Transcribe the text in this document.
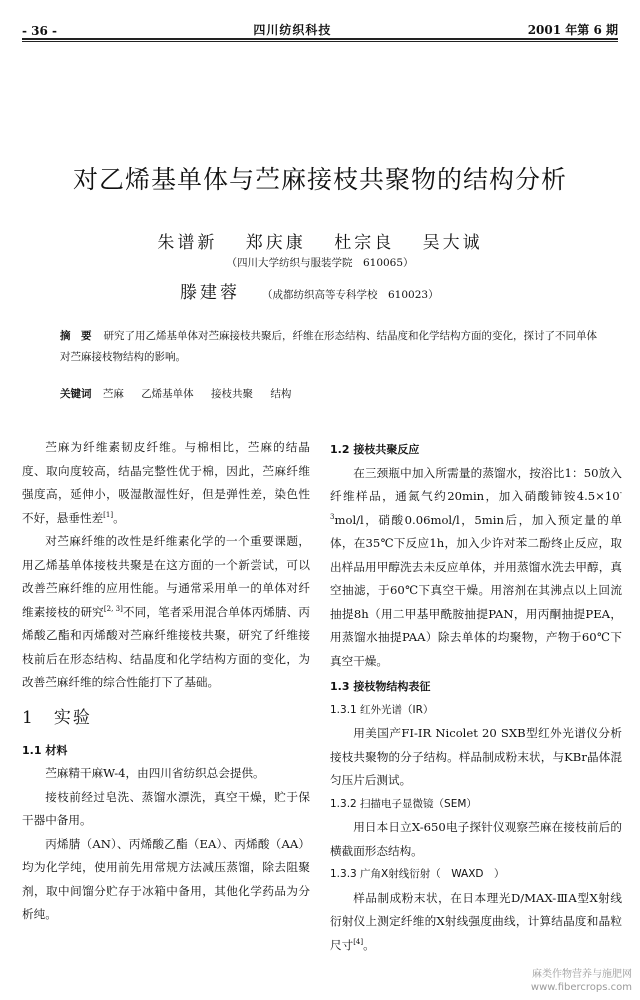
- 36 -	四川纺织科技	2001 年第 6 期
对乙烯基单体与苎麻接枝共聚物的结构分析
朱谱新 郑庆康 杜宗良 吴大诚
（四川大学纺织与服装学院　610065）
滕建蓉 （成都纺织高等专科学校　610023）
摘　要 研究了用乙烯基单体对苎麻接枝共聚后，纤维在形态结构、结晶度和化学结构方面的变化，探讨了不同单体对苎麻接枝物结构的影响。
关键词 苎麻 乙烯基单体 接枝共聚 结构

苎麻为纤维素韧皮纤维。与棉相比，苎麻的结晶度、取向度较高，结晶完整性优于棉，因此，苎麻纤维强度高，延伸小，吸湿散湿性好，但是弹性差，染色性不好，悬垂性差[1]。

对苎麻纤维的改性是纤维素化学的一个重要课题，用乙烯基单体接枝共聚是在这方面的一个新尝试，可以改善苎麻纤维的应用性能。与通常采用单一的单体对纤维素接枝的研究[2, 3]不同，笔者采用混合单体丙烯腈、丙烯酸乙酯和丙烯酸对苎麻纤维接枝共聚，研究了纤维接枝前后在形态结构、结晶度和化学结构方面的变化，为改善苎麻纤维的综合性能打下了基础。

1　实验
1.1 材料

苎麻精干麻W-4，由四川省纺织总会提供。

接枝前经过皂洗、蒸馏水漂洗，真空干燥，贮于保干器中备用。

丙烯腈（AN）、丙烯酸乙酯（EA）、丙烯酸（AA）均为化学纯，使用前先用常规方法减压蒸馏，除去阻聚剂，取中间馏分贮存于冰箱中备用，其他化学药品为分析纯。

1.2 接枝共聚反应

在三颈瓶中加入所需量的蒸馏水，按浴比1：50放入纤维样品，通氮气约20min，加入硝酸铈铵$4.5\times 10^{-3}mol/l$，硝酸0.06mol/l，5min后，加入预定量的单体，在35℃下反应1h，加入少许对苯二酚终止反应，取出样品用甲醇洗去未反应单体，并用蒸馏水洗去甲醇，真空抽滤，于60℃下真空干燥。用溶剂在其沸点以上回流抽提8h（用二甲基甲酰胺抽提PAN，用丙酮抽提PEA，用蒸馏水抽提PAA）除去单体的均聚物，产物于60℃下真空干燥。

1.3 接枝物结构表征
1.3.1 红外光谱（IR）

用美国产FI-IR Nicolet 20 SXB型红外光谱仪分析接枝共聚物的分子结构。样品制成粉末状，与KBr晶体混匀压片后测试。

1.3.2 扫描电子显微镜（SEM）

用日本日立X-650电子探针仪观察苎麻在接枝前后的横截面形态结构。

1.3.3 广角X射线衍射（　WAXD　）

样品制成粉末状，在日本理光D/MAX-ⅢA型X射线衍射仪上测定纤维的X射线强度曲线，计算结晶度和晶粒尺寸[4]。

麻类作物营养与施肥网
www.fibercrops.com
